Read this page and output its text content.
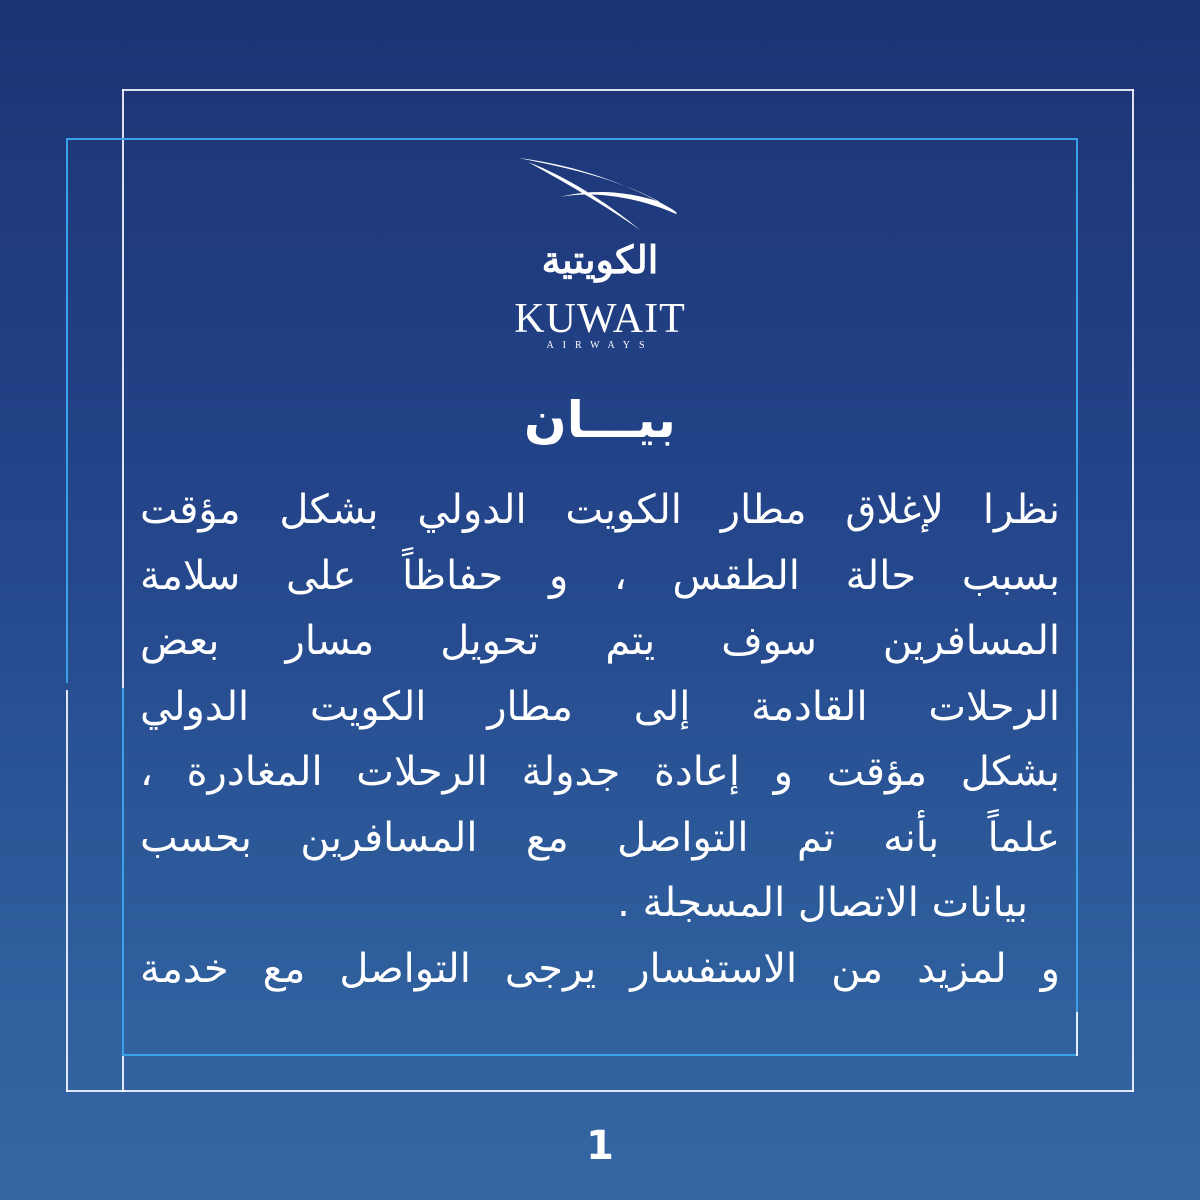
الكويتية
KUWAIT
AIRWAYS
بيـــان
نظرا لإغلاق مطار الكويت الدولي بشكل مؤقت
بسبب حالة الطقس ، و حفاظاً على سلامة
المسافرين سوف يتم تحويل مسار بعض
الرحلات القادمة إلى مطار الكويت الدولي
بشكل مؤقت و إعادة جدولة الرحلات المغادرة ،
علماً بأنه تم التواصل مع المسافرين بحسب
بيانات الاتصال المسجلة .
و لمزيد من الاستفسار يرجى التواصل مع خدمة
1
